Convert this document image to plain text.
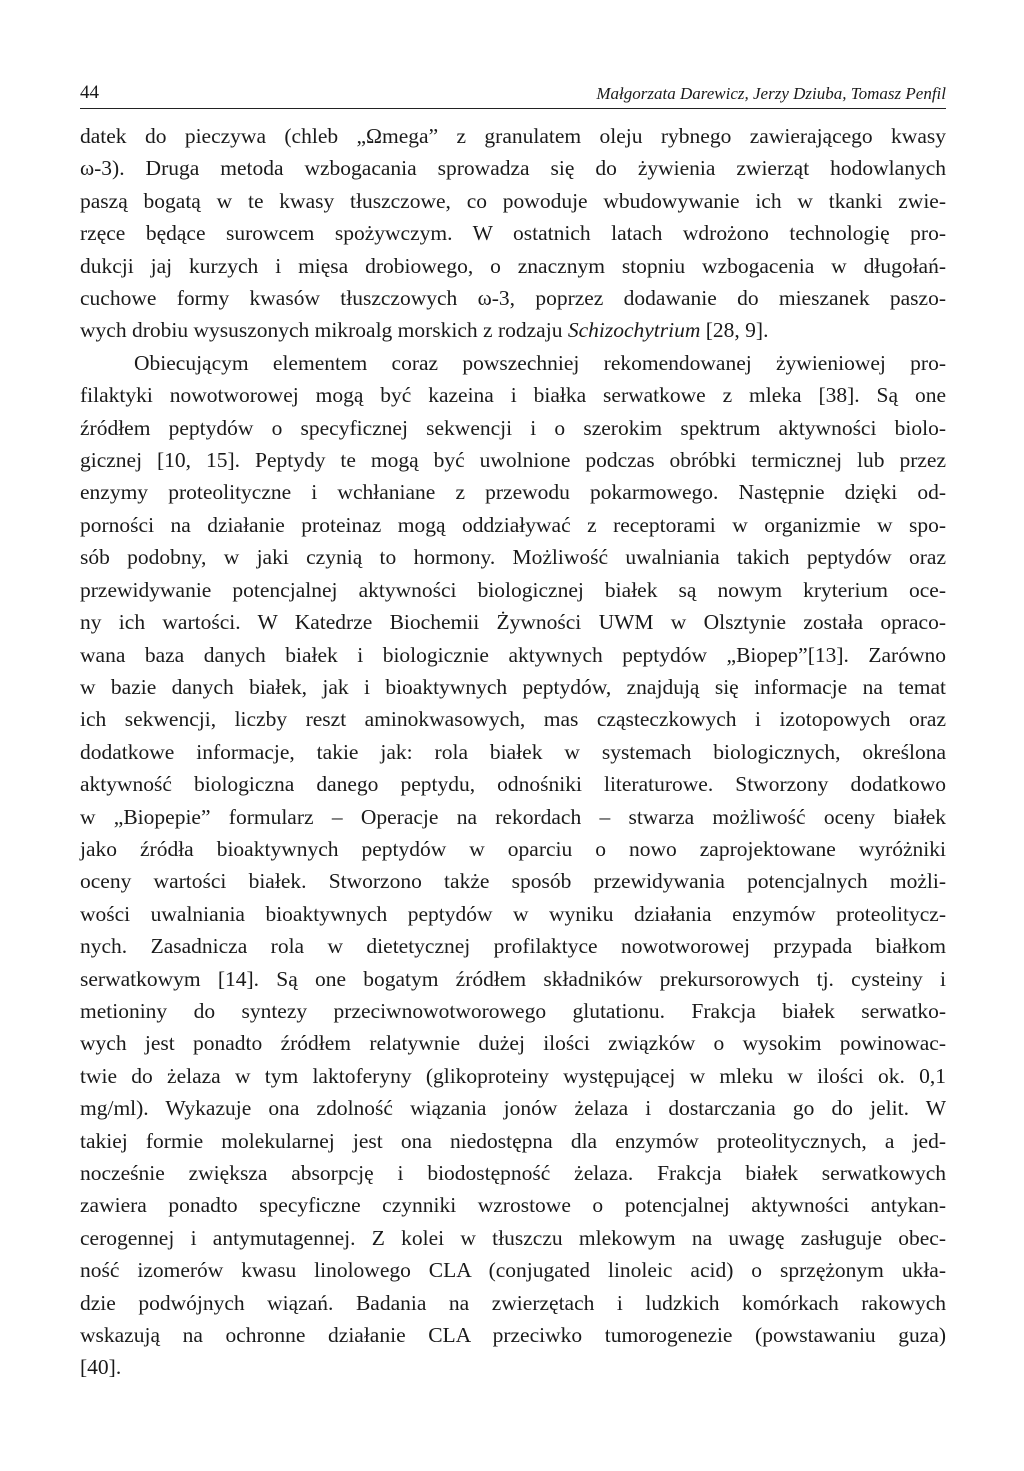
44	Małgorzata Darewicz, Jerzy Dziuba, Tomasz Penfil
datek do pieczywa (chleb „Ωmega” z granulatem oleju rybnego zawierającego kwasy
ω-3). Druga metoda wzbogacania sprowadza się do żywienia zwierząt hodowlanych
paszą bogatą w te kwasy tłuszczowe, co powoduje wbudowywanie ich w tkanki zwie-
rzęce będące surowcem spożywczym. W ostatnich latach wdrożono technologię pro-
dukcji jaj kurzych i mięsa drobiowego, o znacznym stopniu wzbogacenia w długołań-
cuchowe formy kwasów tłuszczowych ω-3, poprzez dodawanie do mieszanek paszo-
wych drobiu wysuszonych mikroalg morskich z rodzaju Schizochytrium [28, 9].
Obiecującym elementem coraz powszechniej rekomendowanej żywieniowej pro-
filaktyki nowotworowej mogą być kazeina i białka serwatkowe z mleka [38]. Są one
źródłem peptydów o specyficznej sekwencji i o szerokim spektrum aktywności biolo-
gicznej [10, 15]. Peptydy te mogą być uwolnione podczas obróbki termicznej lub przez
enzymy proteolityczne i wchłaniane z przewodu pokarmowego. Następnie dzięki od-
porności na działanie proteinaz mogą oddziaływać z receptorami w organizmie w spo-
sób podobny, w jaki czynią to hormony. Możliwość uwalniania takich peptydów oraz
przewidywanie potencjalnej aktywności biologicznej białek są nowym kryterium oce-
ny ich wartości. W Katedrze Biochemii Żywności UWM w Olsztynie została opraco-
wana baza danych białek i biologicznie aktywnych peptydów „Biopep”[13]. Zarówno
w bazie danych białek, jak i bioaktywnych peptydów, znajdują się informacje na temat
ich sekwencji, liczby reszt aminokwasowych, mas cząsteczkowych i izotopowych oraz
dodatkowe informacje, takie jak: rola białek w systemach biologicznych, określona
aktywność biologiczna danego peptydu, odnośniki literaturowe. Stworzony dodatkowo
w „Biopepie” formularz – Operacje na rekordach – stwarza możliwość oceny białek
jako źródła bioaktywnych peptydów w oparciu o nowo zaprojektowane wyróżniki
oceny wartości białek. Stworzono także sposób przewidywania potencjalnych możli-
wości uwalniania bioaktywnych peptydów w wyniku działania enzymów proteolitycz-
nych. Zasadnicza rola w dietetycznej profilaktyce nowotworowej przypada białkom
serwatkowym [14]. Są one bogatym źródłem składników prekursorowych tj. cysteiny i
metioniny do syntezy przeciwnowotworowego glutationu. Frakcja białek serwatko-
wych jest ponadto źródłem relatywnie dużej ilości związków o wysokim powinowac-
twie do żelaza w tym laktoferyny (glikoproteiny występującej w mleku w ilości ok. 0,1
mg/ml). Wykazuje ona zdolność wiązania jonów żelaza i dostarczania go do jelit. W
takiej formie molekularnej jest ona niedostępna dla enzymów proteolitycznych, a jed-
nocześnie zwiększa absorpcję i biodostępność żelaza. Frakcja białek serwatkowych
zawiera ponadto specyficzne czynniki wzrostowe o potencjalnej aktywności antykan-
cerogennej i antymutagennej. Z kolei w tłuszczu mlekowym na uwagę zasługuje obec-
ność izomerów kwasu linolowego CLA (conjugated linoleic acid) o sprzężonym ukła-
dzie podwójnych wiązań. Badania na zwierzętach i ludzkich komórkach rakowych
wskazują na ochronne działanie CLA przeciwko tumorogenezie (powstawaniu guza)
[40].
